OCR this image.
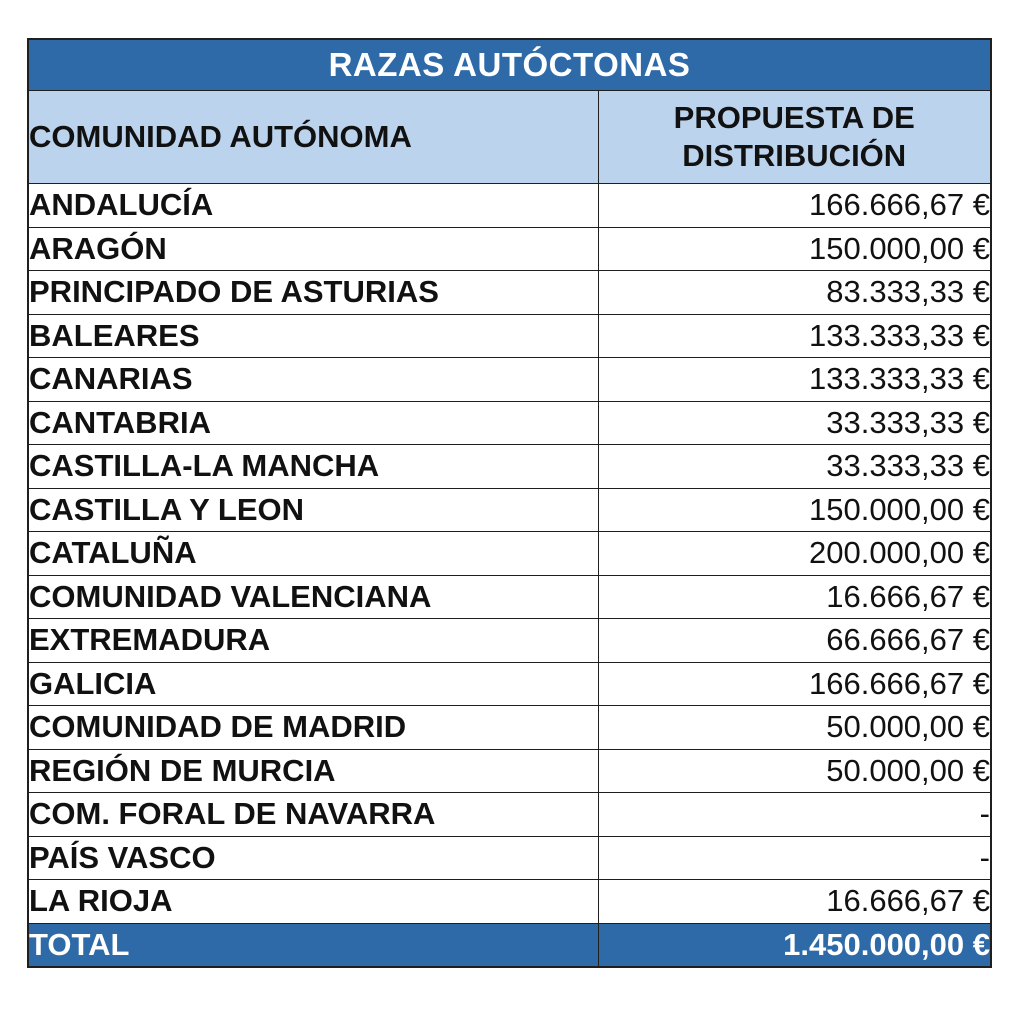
RAZAS AUTÓCTONAS	
COMUNIDAD AUTÓNOMA	PROPUESTA DE DISTRIBUCIÓN
ANDALUCÍA	166.666,67 €
ARAGÓN	150.000,00 €
PRINCIPADO DE ASTURIAS	83.333,33 €
BALEARES	133.333,33 €
CANARIAS	133.333,33 €
CANTABRIA	33.333,33 €
CASTILLA-LA MANCHA	33.333,33 €
CASTILLA Y LEON	150.000,00 €
CATALUÑA	200.000,00 €
COMUNIDAD VALENCIANA	16.666,67 €
EXTREMADURA	66.666,67 €
GALICIA	166.666,67 €
COMUNIDAD DE MADRID	50.000,00 €
REGIÓN DE MURCIA	50.000,00 €
COM. FORAL DE NAVARRA	-
PAÍS VASCO	-
LA RIOJA	16.666,67 €
TOTAL	1.450.000,00 €
